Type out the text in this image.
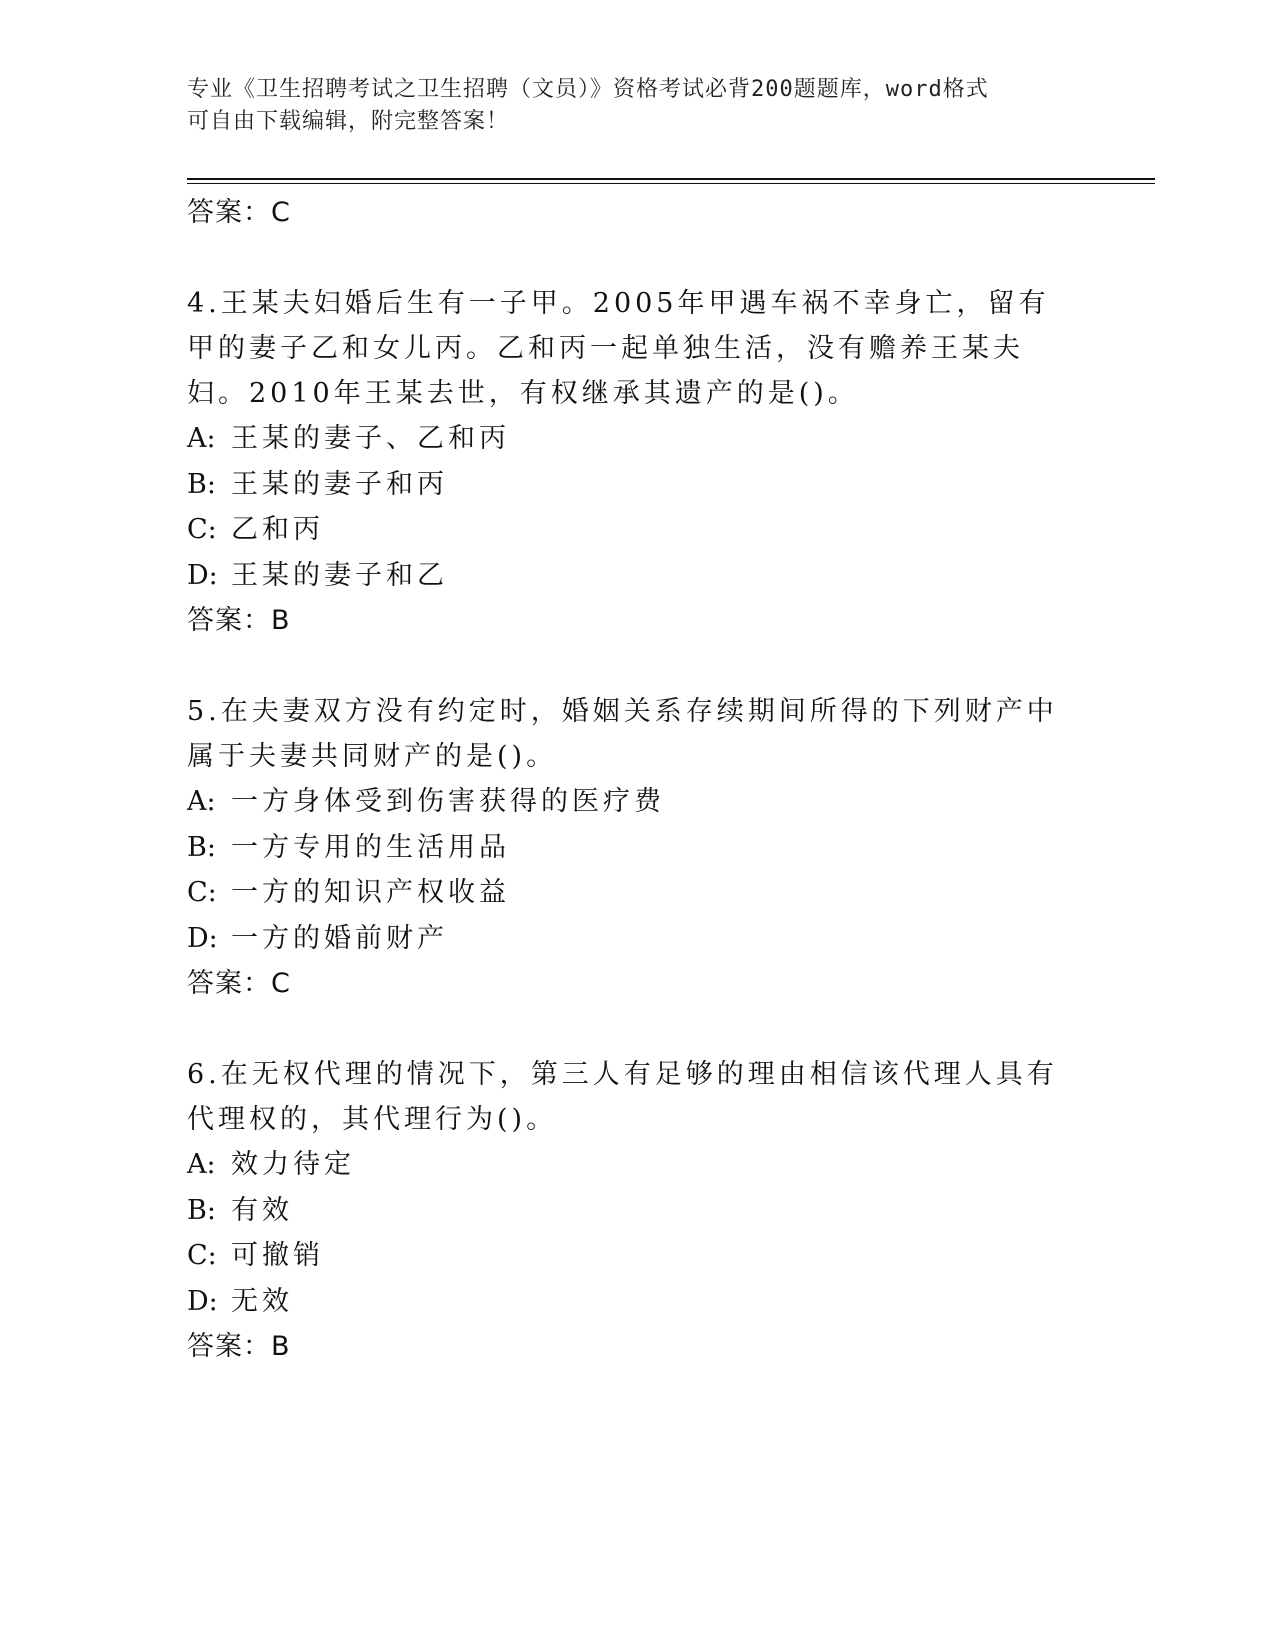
专业《卫生招聘考试之卫生招聘（文员）》资格考试必背200题题库，word格式
可自由下载编辑，附完整答案！

答案：C

4.王某夫妇婚后生有一子甲。2005年甲遇车祸不幸身亡，留有甲的妻子乙和女儿丙。乙和丙一起单独生活，没有赡养王某夫妇。2010年王某去世，有权继承其遗产的是()。

A: 王某的妻子、乙和丙

B: 王某的妻子和丙

C: 乙和丙

D: 王某的妻子和乙

答案：B

5.在夫妻双方没有约定时，婚姻关系存续期间所得的下列财产中属于夫妻共同财产的是()。

A: 一方身体受到伤害获得的医疗费

B: 一方专用的生活用品

C: 一方的知识产权收益

D: 一方的婚前财产

答案：C

6.在无权代理的情况下，第三人有足够的理由相信该代理人具有代理权的，其代理行为()。

A: 效力待定

B: 有效

C: 可撤销

D: 无效

答案：B
